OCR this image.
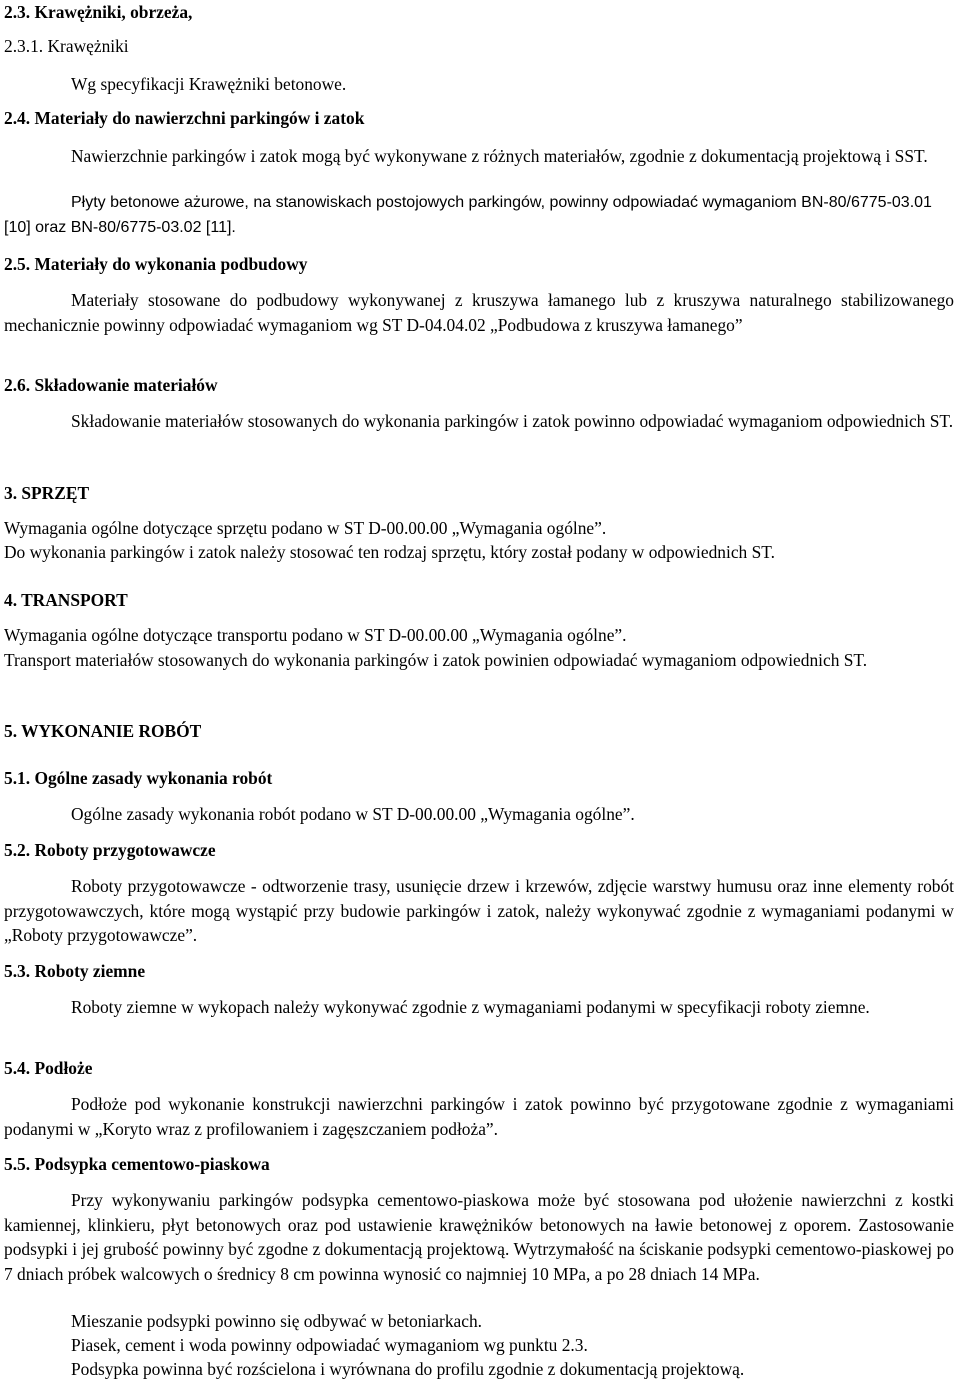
2.3. Krawężniki, obrzeża,

2.3.1. Krawężniki

Wg specyfikacji Krawężniki betonowe.

2.4. Materiały do nawierzchni parkingów i zatok

Nawierzchnie parkingów i zatok mogą być wykonywane z różnych materiałów, zgodnie z dokumentacją projektową i SST.

Płyty betonowe ażurowe, na stanowiskach postojowych parkingów, powinny odpowiadać wymaganiom BN-80/6775-03.01 [10] oraz BN-80/6775-03.02 [11].

2.5. Materiały do wykonania podbudowy

Materiały stosowane do podbudowy wykonywanej z kruszywa łamanego lub z kruszywa naturalnego stabilizowanego mechanicznie powinny odpowiadać wymaganiom wg ST D-04.04.02 „Podbudowa z kruszywa łamanego”

2.6. Składowanie materiałów

Składowanie materiałów stosowanych do wykonania parkingów i zatok powinno odpowiadać wymaganiom odpowiednich ST.

3. SPRZĘT

Wymagania ogólne dotyczące sprzętu podano w ST D-00.00.00 „Wymagania ogólne”.

Do wykonania parkingów i zatok należy stosować ten rodzaj sprzętu, który został podany w odpowiednich ST.

4. TRANSPORT

Wymagania ogólne dotyczące transportu podano w ST D-00.00.00 „Wymagania ogólne”.

Transport materiałów stosowanych do wykonania parkingów i zatok powinien odpowiadać wymaganiom odpowiednich ST.

5. WYKONANIE ROBÓT

5.1. Ogólne zasady wykonania robót

Ogólne zasady wykonania robót podano w ST D-00.00.00 „Wymagania ogólne”.

5.2. Roboty przygotowawcze

Roboty przygotowawcze - odtworzenie trasy, usunięcie drzew i krzewów, zdjęcie warstwy humusu oraz inne elementy robót przygotowawczych, które mogą wystąpić przy budowie parkingów i zatok, należy wykonywać zgodnie z wymaganiami podanymi w „Roboty przygotowawcze”.

5.3. Roboty ziemne

Roboty ziemne w wykopach należy wykonywać zgodnie z wymaganiami podanymi w specyfikacji roboty ziemne.

5.4. Podłoże

Podłoże pod wykonanie konstrukcji nawierzchni parkingów i zatok powinno być przygotowane zgodnie z wymaganiami podanymi w „Koryto wraz z profilowaniem i zagęszczaniem podłoża”.

5.5. Podsypka cementowo-piaskowa

Przy wykonywaniu parkingów podsypka cementowo-piaskowa może być stosowana pod ułożenie nawierzchni z kostki kamiennej, klinkieru, płyt betonowych oraz pod ustawienie krawężników betonowych na ławie betonowej z oporem. Zastosowanie podsypki i jej grubość powinny być zgodne z dokumentacją projektową. Wytrzymałość na ściskanie podsypki cementowo-piaskowej po 7 dniach próbek walcowych o średnicy 8 cm powinna wynosić co najmniej 10 MPa, a po 28 dniach 14 MPa.

Mieszanie podsypki powinno się odbywać w betoniarkach.

Piasek, cement i woda powinny odpowiadać wymaganiom wg punktu 2.3.

Podsypka powinna być rozścielona i wyrównana do profilu zgodnie z dokumentacją projektową.
